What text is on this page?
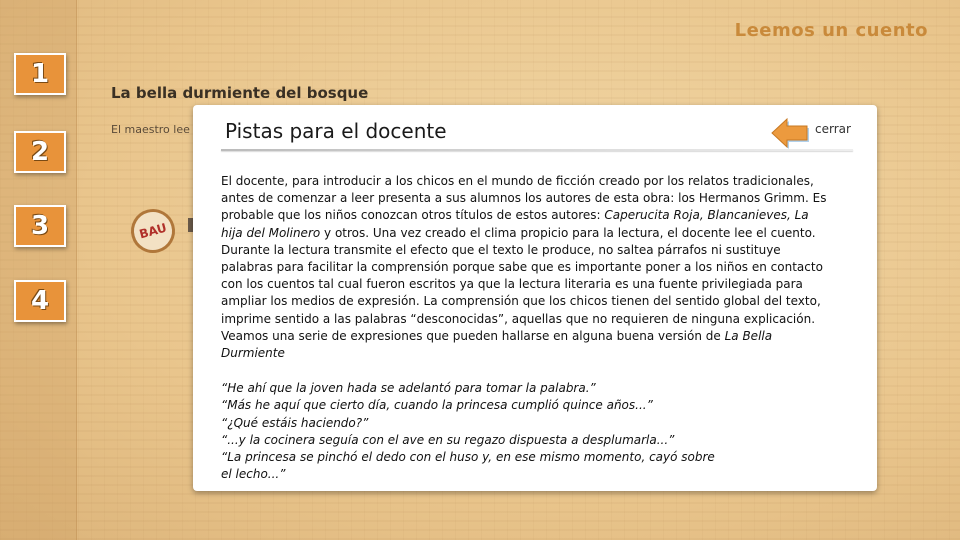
1
2
3
4
Leemos un cuento
La bella durmiente del bosque
El maestro lee
BAU
Pistas para el docente	cerrar

El docente, para introducir a los chicos en el mundo de ficción creado por los relatos tradicionales, antes de comenzar a leer presenta a sus alumnos los autores de esta obra: los Hermanos Grimm. Es probable que los niños conozcan otros títulos de estos autores: Caperucita Roja, Blancanieves, La hija del Molinero y otros. Una vez creado el clima propicio para la lectura, el docente lee el cuento. Durante la lectura transmite el efecto que el texto le produce, no saltea párrafos ni sustituye palabras para facilitar la comprensión porque sabe que es importante poner a los niños en contacto con los cuentos tal cual fueron escritos ya que la lectura literaria es una fuente privilegiada para ampliar los medios de expresión. La comprensión que los chicos tienen del sentido global del texto, imprime sentido a las palabras “desconocidas”, aquellas que no requieren de ninguna explicación. Veamos una serie de expresiones que pueden hallarse en alguna buena versión de La Bella Durmiente

“He ahí que la joven hada se adelantó para tomar la palabra.”
“Más he aquí que cierto día, cuando la princesa cumplió quince años...”
“¿Qué estáis haciendo?”
“...y la cocinera seguía con el ave en su regazo dispuesta a desplumarla...”
“La princesa se pinchó el dedo con el huso y, en ese mismo momento, cayó sobre el lecho...”
